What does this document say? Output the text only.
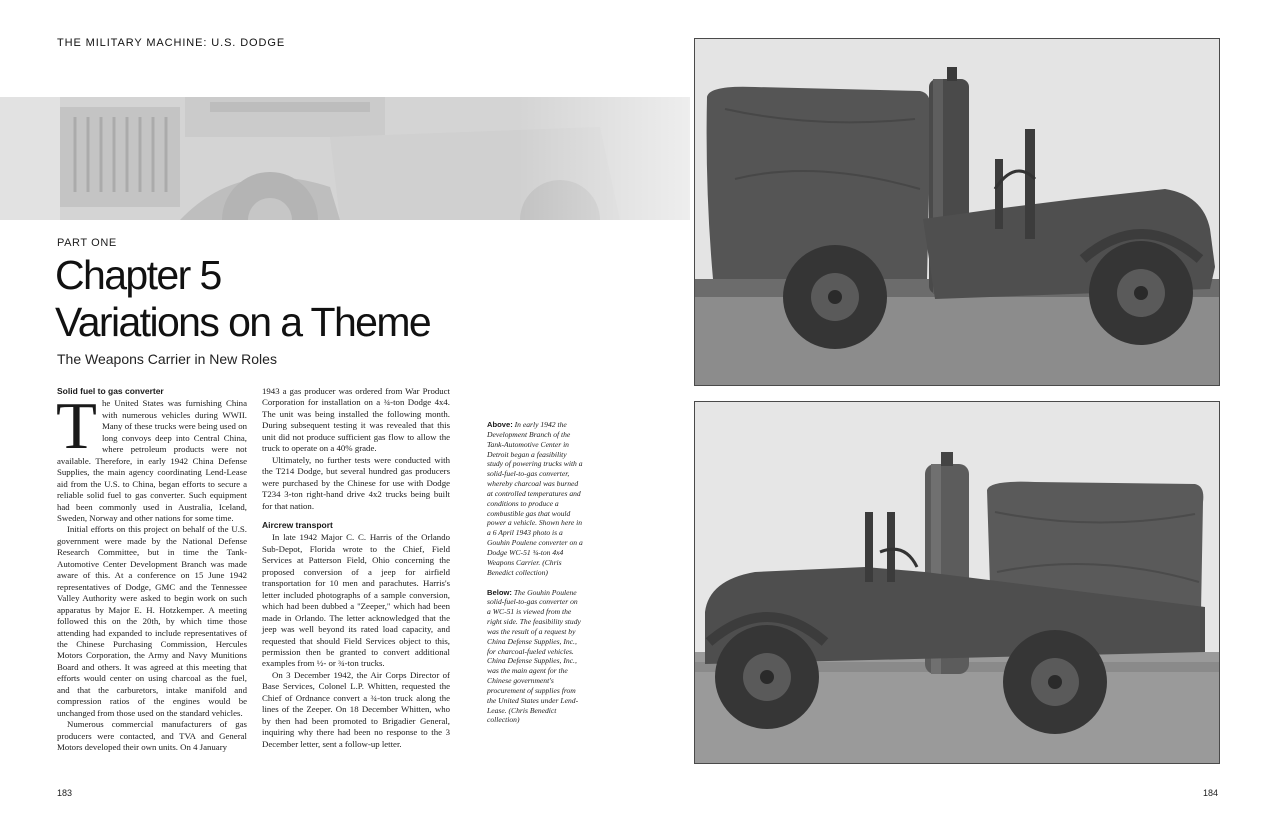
THE MILITARY MACHINE: U.S. DODGE
PART ONE
Chapter 5
Variations on a Theme
The Weapons Carrier in New Roles
Solid fuel to gas converter

The United States was furnishing China with numerous vehicles during WWII. Many of these trucks were being used on long convoys deep into Central China, where petroleum products were not available. Therefore, in early 1942 China Defense Supplies, the main agency coordinating Lend-Lease aid from the U.S. to China, began efforts to secure a reliable solid fuel to gas converter. Such equipment had been commonly used in Australia, Iceland, Sweden, Norway and other nations for some time.

Initial efforts on this project on behalf of the U.S. government were made by the National Defense Research Committee, but in time the Tank-Automotive Center Development Branch was made aware of this. At a conference on 15 June 1942 representatives of Dodge, GMC and the Tennessee Valley Authority were asked to begin work on such apparatus by Major E. H. Hotzkemper. A meeting followed this on the 20th, by which time those attending had expanded to include representatives of the Chinese Purchasing Commission, Hercules Motors Corporation, the Army and Navy Munitions Board and others. It was agreed at this meeting that efforts would center on using charcoal as the fuel, and that the carburetors, intake manifold and compression ratios of the engines would be unchanged from those used on the standard vehicles.

Numerous commercial manufacturers of gas producers were contacted, and TVA and General Motors developed their own units. On 4 January

1943 a gas producer was ordered from War Product Corporation for installation on a ¾-ton Dodge 4x4. The unit was being installed the following month. During subsequent testing it was revealed that this unit did not produce sufficient gas flow to allow the truck to operate on a 40% grade.

Ultimately, no further tests were conducted with the T214 Dodge, but several hundred gas producers were purchased by the Chinese for use with Dodge T234 3-ton right-hand drive 4x2 trucks being built for that nation.

Aircrew transport

In late 1942 Major C. C. Harris of the Orlando Sub-Depot, Florida wrote to the Chief, Field Services at Patterson Field, Ohio concerning the proposed conversion of a jeep for airfield transportation for 10 men and parachutes. Harris's letter included photographs of a sample conversion, which had been dubbed a "Zeeper," which had been made in Orlando. The letter acknowledged that the jeep was well beyond its rated load capacity, and requested that should Field Services object to this, permission then be granted to convert additional examples from ½- or ¾-ton trucks.

On 3 December 1942, the Air Corps Director of Base Services, Colonel L.P. Whitten, requested the Chief of Ordnance convert a ¾-ton truck along the lines of the Zeeper. On 18 December Whitten, who by then had been promoted to Brigadier General, inquiring why there had been no response to the 3 December letter, sent a follow-up letter.

Above: In early 1942 the Development Branch of the Tank-Automotive Center in Detroit began a feasibility study of powering trucks with a solid-fuel-to-gas converter, whereby charcoal was burned at controlled temperatures and conditions to produce a combustible gas that would power a vehicle. Shown here in a 6 April 1943 photo is a Gouhin Poulene converter on a Dodge WC-51 ¾-ton 4x4 Weapons Carrier. (Chris Benedict collection)

Below: The Gouhin Poulene solid-fuel-to-gas converter on a WC-51 is viewed from the right side. The feasibility study was the result of a request by China Defense Supplies, Inc., for charcoal-fueled vehicles. China Defense Supplies, Inc., was the main agent for the Chinese government's procurement of supplies from the United States under Lend-Lease. (Chris Benedict collection)

183	184
